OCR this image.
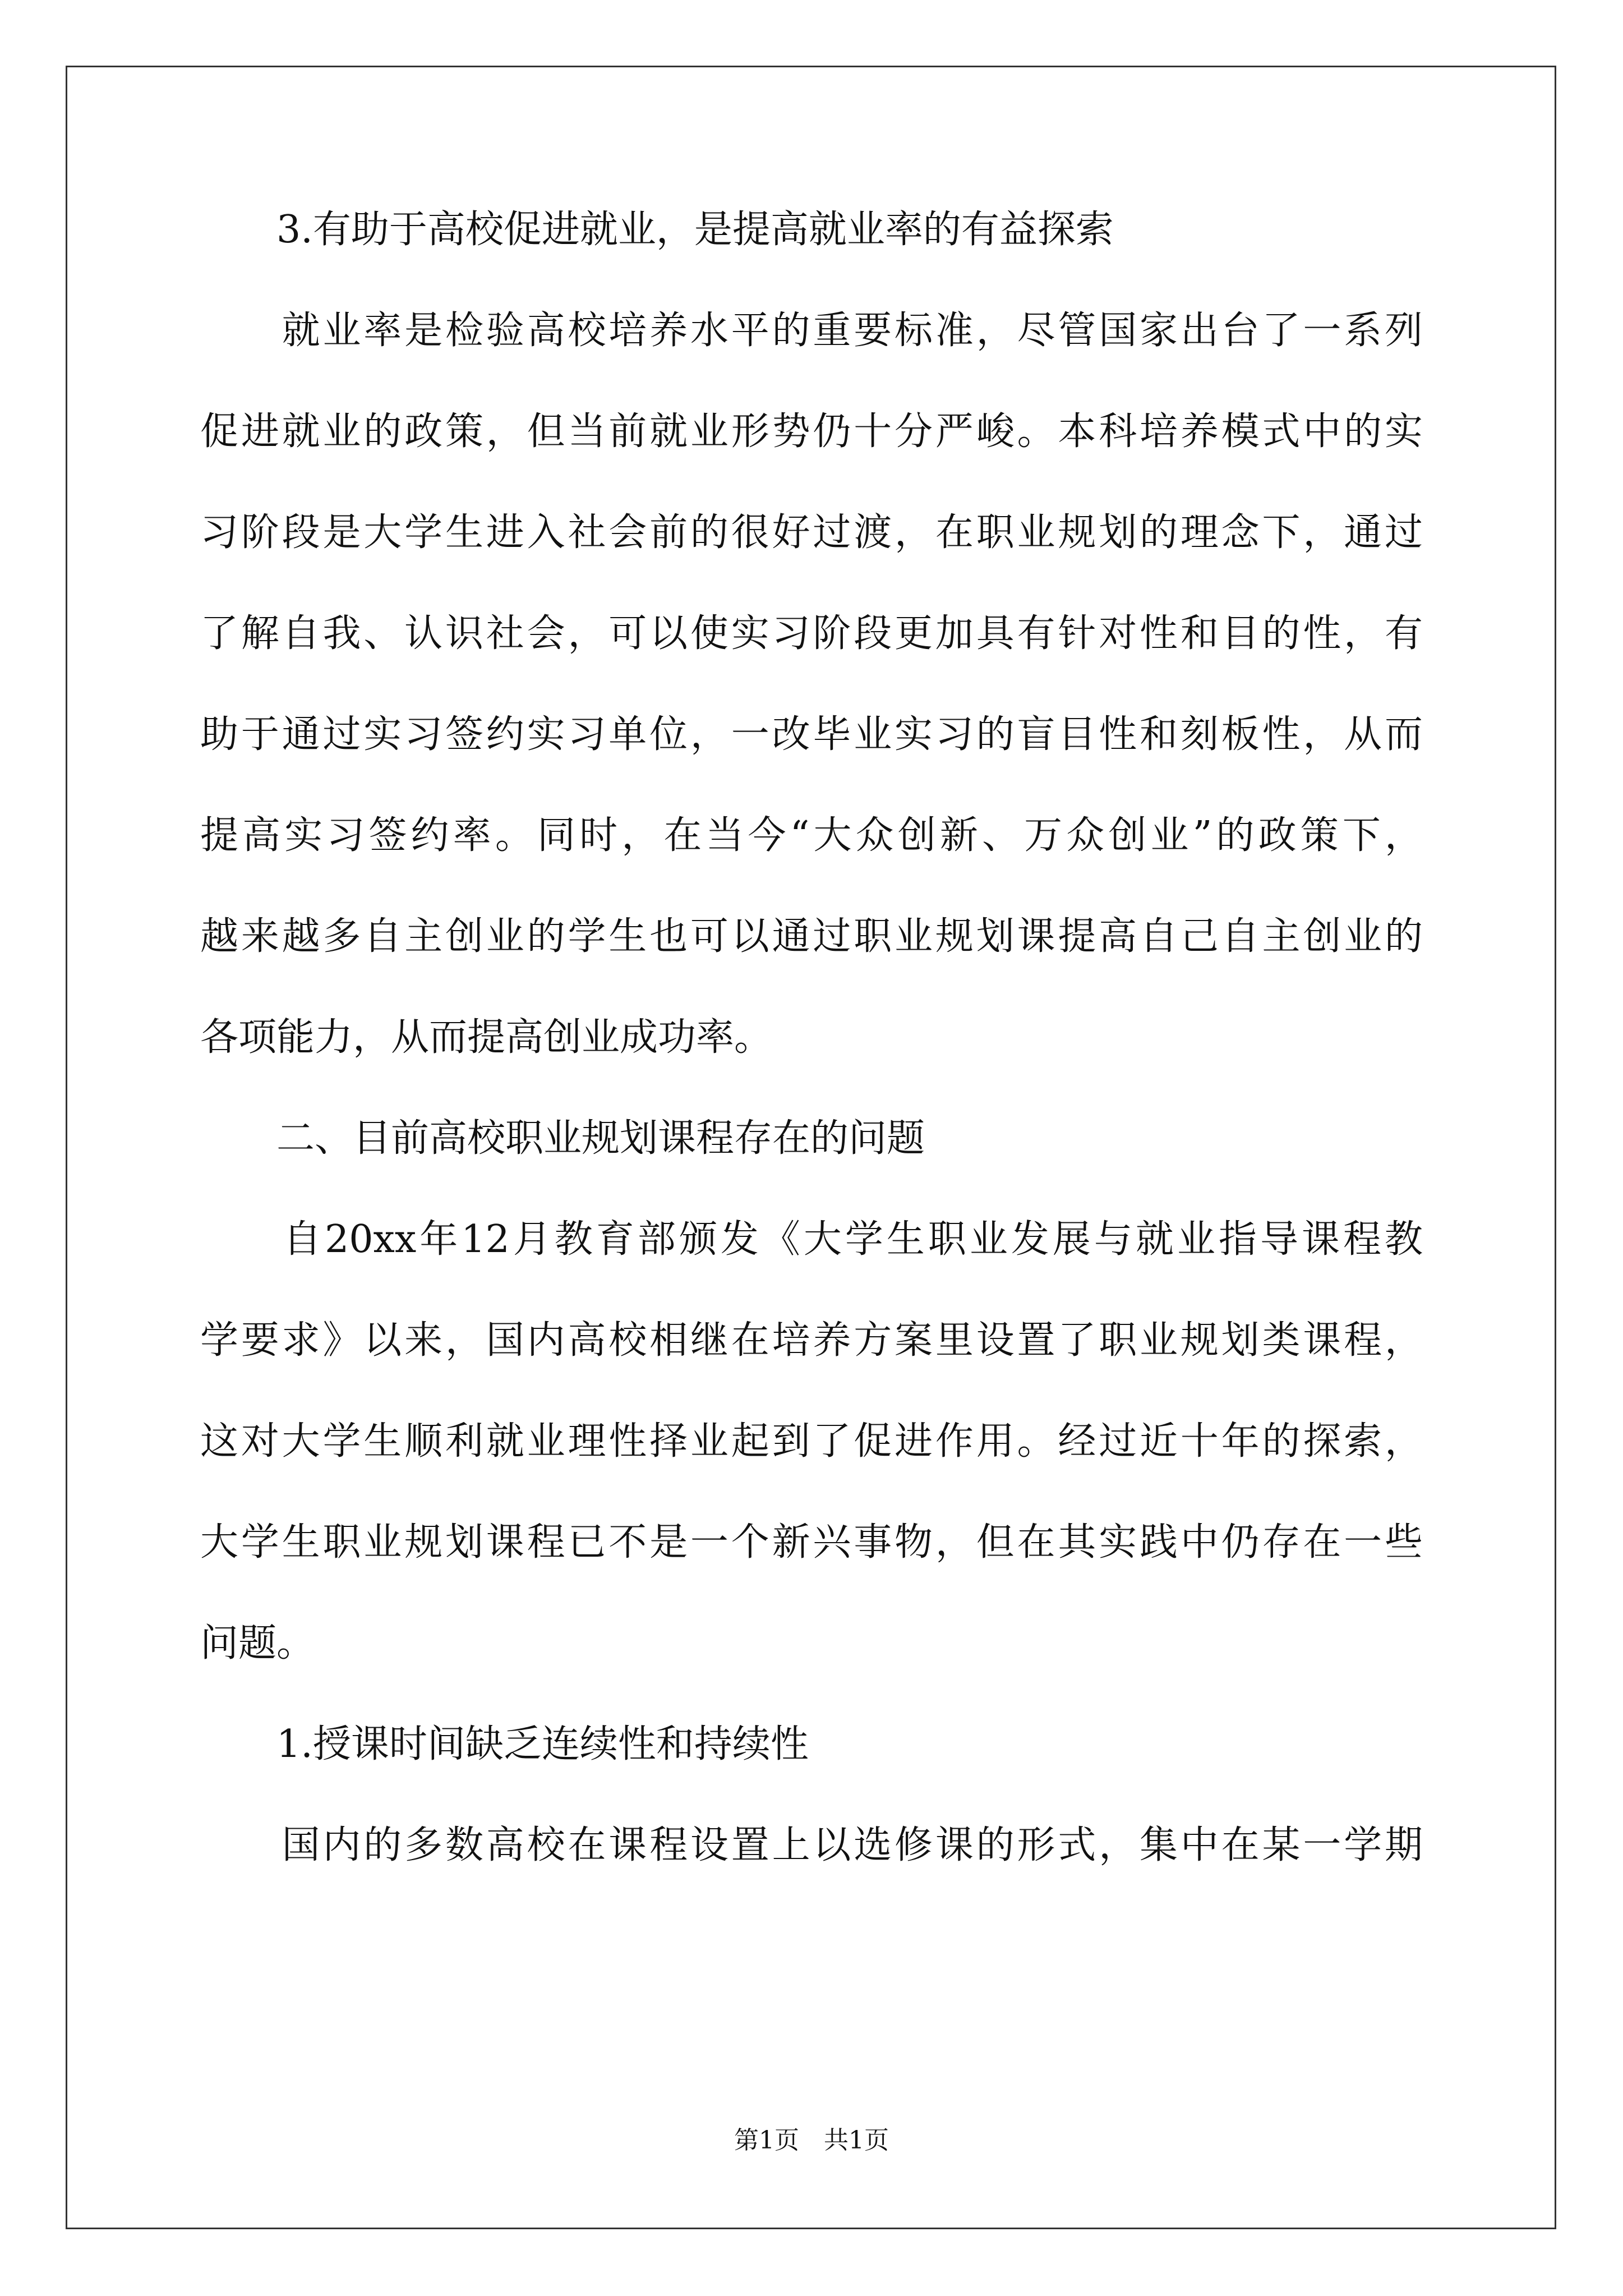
　　3.有助于高校促进就业，是提高就业率的有益探索
　　就业率是检验高校培养水平的重要标准，尽管国家出台了一系列
促进就业的政策，但当前就业形势仍十分严峻。本科培养模式中的实
习阶段是大学生进入社会前的很好过渡，在职业规划的理念下，通过
了解自我、认识社会，可以使实习阶段更加具有针对性和目的性，有
助于通过实习签约实习单位，一改毕业实习的盲目性和刻板性，从而
提高实习签约率。同时，在当今“大众创新、万众创业”的政策下，
越来越多自主创业的学生也可以通过职业规划课提高自己自主创业的
各项能力，从而提高创业成功率。
　　二、目前高校职业规划课程存在的问题
　　自20xx年12月教育部颁发《大学生职业发展与就业指导课程教
学要求》以来，国内高校相继在培养方案里设置了职业规划类课程，
这对大学生顺利就业理性择业起到了促进作用。经过近十年的探索，
大学生职业规划课程已不是一个新兴事物，但在其实践中仍存在一些
问题。
　　1.授课时间缺乏连续性和持续性
　　国内的多数高校在课程设置上以选修课的形式，集中在某一学期
第1页　共1页
